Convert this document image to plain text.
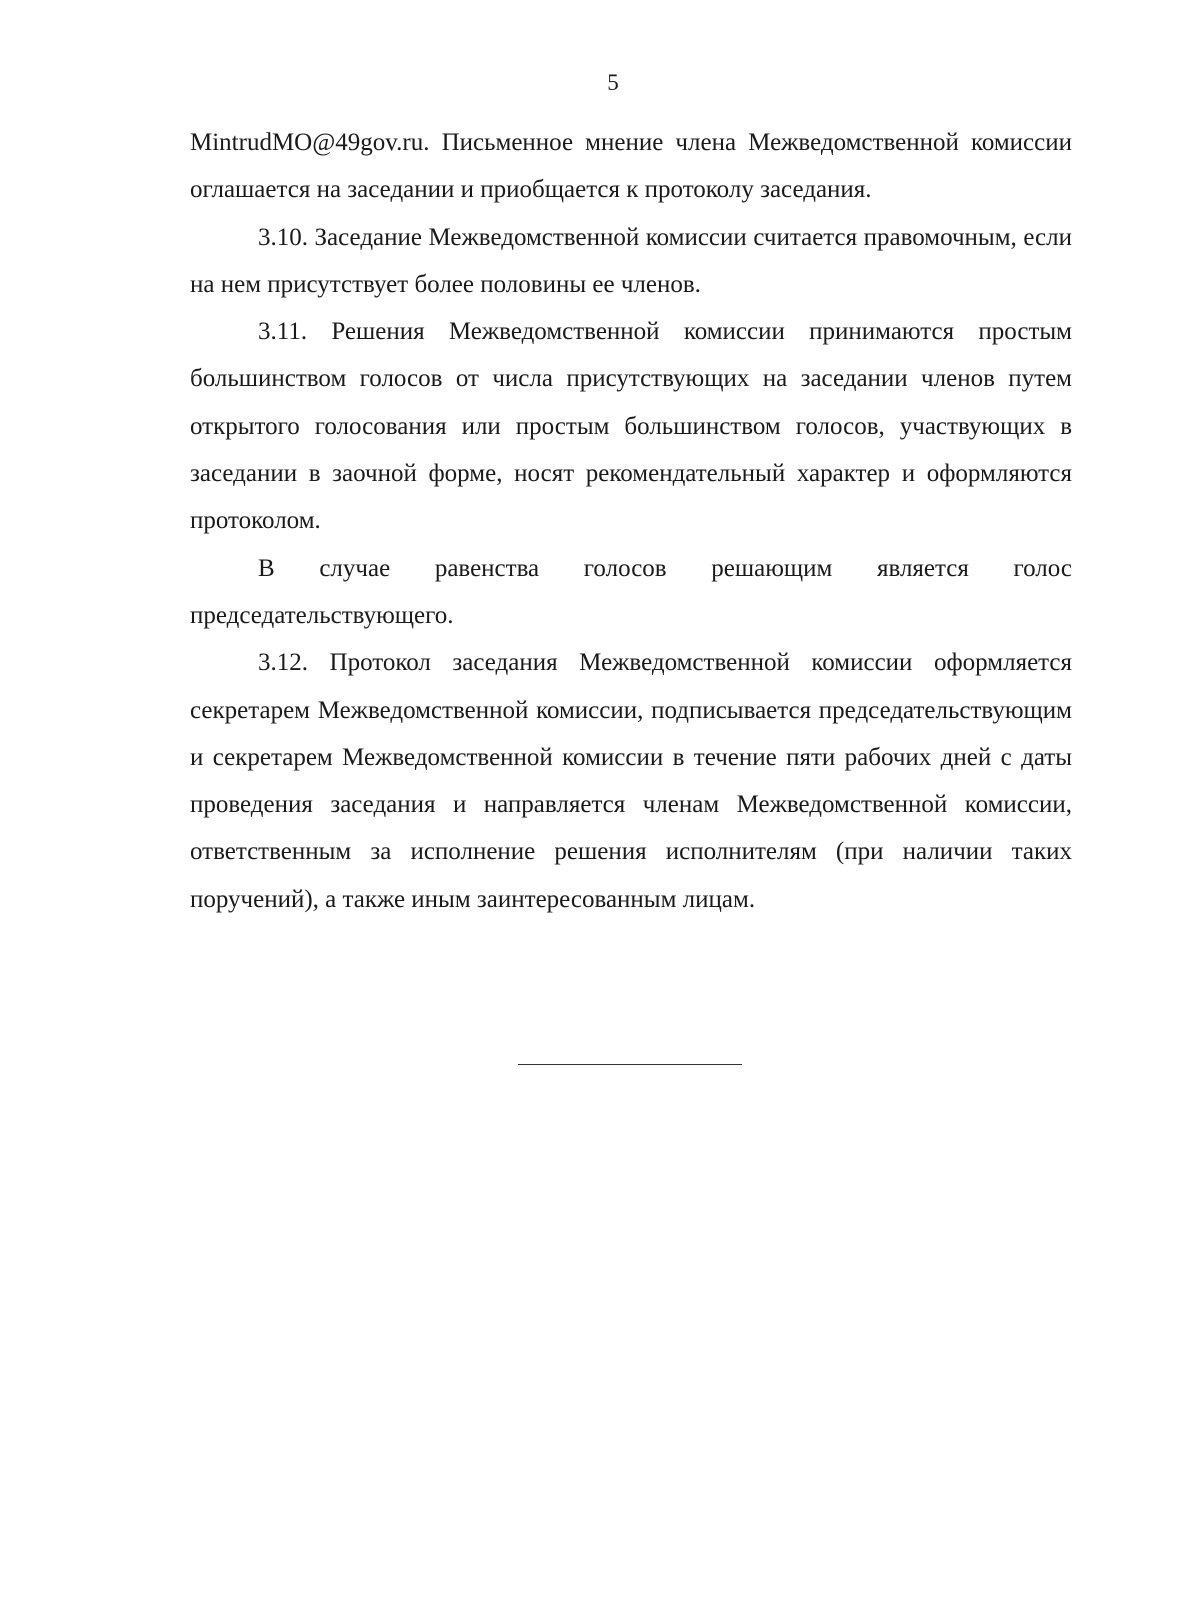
5

MintrudMO@49gov.ru. Письменное мнение члена Межведомственной комиссии оглашается на заседании и приобщается к протоколу заседания.

3.10. Заседание Межведомственной комиссии считается правомочным, если на нем присутствует более половины ее членов.

3.11. Решения Межведомственной комиссии принимаются простым большинством голосов от числа присутствующих на заседании членов путем открытого голосования или простым большинством голосов, участвующих в заседании в заочной форме, носят рекомендательный характер и оформляются протоколом.

В случае равенства голосов решающим является голос председательствующего.

3.12. Протокол заседания Межведомственной комиссии оформляется секретарем Межведомственной комиссии, подписывается председательствующим и секретарем Межведомственной комиссии в течение пяти рабочих дней с даты проведения заседания и направляется членам Межведомственной комиссии, ответственным за исполнение решения исполнителям (при наличии таких поручений), а также иным заинтересованным лицам.
